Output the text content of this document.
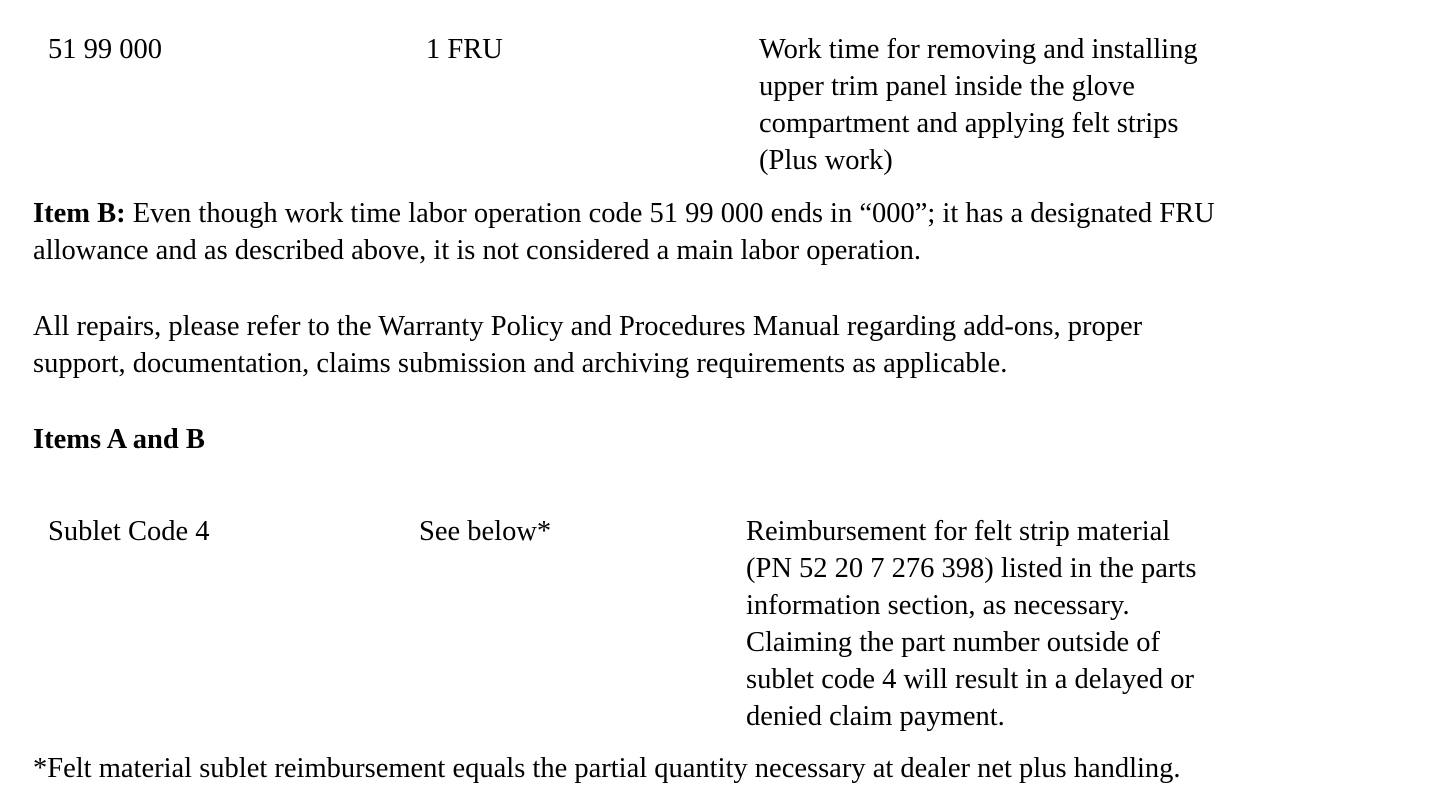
51 99 000	1 FRU	Work time for removing and installing
upper trim panel inside the glove
compartment and applying felt strips
(Plus work)
Item B: Even though work time labor operation code 51 99 000 ends in “000”; it has a designated FRU
allowance and as described above, it is not considered a main labor operation.
All repairs, please refer to the Warranty Policy and Procedures Manual regarding add-ons, proper
support, documentation, claims submission and archiving requirements as applicable.
Items A and B
Sublet Code 4	See below*	Reimbursement for felt strip material
(PN 52 20 7 276 398) listed in the parts
information section, as necessary.
Claiming the part number outside of
sublet code 4 will result in a delayed or
denied claim payment.
*Felt material sublet reimbursement equals the partial quantity necessary at dealer net plus handling.
